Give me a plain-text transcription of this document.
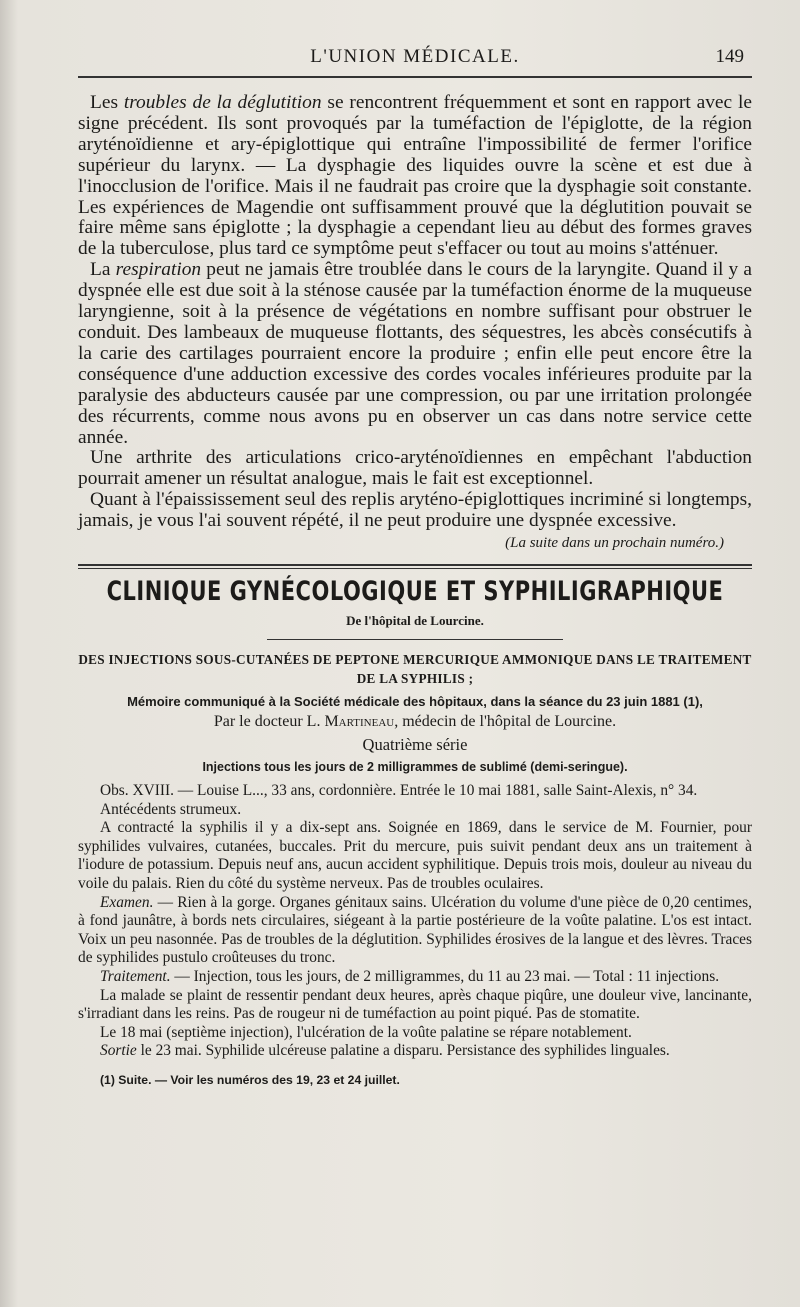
L'UNION MÉDICALE.	149

Les troubles de la déglutition se rencontrent fréquemment et sont en rapport avec le signe précédent. Ils sont provoqués par la tuméfaction de l'épiglotte, de la région aryténoïdienne et ary-épiglottique qui entraîne l'impossibilité de fermer l'orifice supérieur du larynx. — La dysphagie des liquides ouvre la scène et est due à l'inocclusion de l'orifice. Mais il ne faudrait pas croire que la dysphagie soit constante. Les expériences de Magendie ont suffisamment prouvé que la déglutition pouvait se faire même sans épiglotte ; la dysphagie a cependant lieu au début des formes graves de la tuberculose, plus tard ce symptôme peut s'effacer ou tout au moins s'atténuer.

La respiration peut ne jamais être troublée dans le cours de la laryngite. Quand il y a dyspnée elle est due soit à la sténose causée par la tuméfaction énorme de la muqueuse laryngienne, soit à la présence de végétations en nombre suffisant pour obstruer le conduit. Des lambeaux de muqueuse flottants, des séquestres, les abcès consécutifs à la carie des cartilages pourraient encore la produire ; enfin elle peut encore être la conséquence d'une adduction excessive des cordes vocales inférieures produite par la paralysie des abducteurs causée par une compression, ou par une irritation prolongée des récurrents, comme nous avons pu en observer un cas dans notre service cette année.

Une arthrite des articulations crico-aryténoïdiennes en empêchant l'abduction pourrait amener un résultat analogue, mais le fait est exceptionnel.

Quant à l'épaississement seul des replis aryténo-épiglottiques incriminé si longtemps, jamais, je vous l'ai souvent répété, il ne peut produire une dyspnée excessive.

(La suite dans un prochain numéro.)
CLINIQUE GYNÉCOLOGIQUE ET SYPHILIGRAPHIQUE
De l'hôpital de Lourcine.
DES INJECTIONS SOUS-CUTANÉES DE PEPTONE MERCURIQUE AMMONIQUE DANS LE TRAITEMENT DE LA SYPHILIS ;
Mémoire communiqué à la Société médicale des hôpitaux, dans la séance du 23 juin 1881 (1),
Par le docteur L. Martineau, médecin de l'hôpital de Lourcine.
Quatrième série
Injections tous les jours de 2 milligrammes de sublimé (demi-seringue).

Obs. XVIII. — Louise L..., 33 ans, cordonnière. Entrée le 10 mai 1881, salle Saint-Alexis, n° 34.

Antécédents strumeux.

A contracté la syphilis il y a dix-sept ans. Soignée en 1869, dans le service de M. Fournier, pour syphilides vulvaires, cutanées, buccales. Prit du mercure, puis suivit pendant deux ans un traitement à l'iodure de potassium. Depuis neuf ans, aucun accident syphilitique. Depuis trois mois, douleur au niveau du voile du palais. Rien du côté du système nerveux. Pas de troubles oculaires.

Examen. — Rien à la gorge. Organes génitaux sains. Ulcération du volume d'une pièce de 0,20 centimes, à fond jaunâtre, à bords nets circulaires, siégeant à la partie postérieure de la voûte palatine. L'os est intact. Voix un peu nasonnée. Pas de troubles de la déglutition. Syphilides érosives de la langue et des lèvres. Traces de syphilides pustulo croûteuses du tronc.

Traitement. — Injection, tous les jours, de 2 milligrammes, du 11 au 23 mai. — Total : 11 injections.

La malade se plaint de ressentir pendant deux heures, après chaque piqûre, une douleur vive, lancinante, s'irradiant dans les reins. Pas de rougeur ni de tuméfaction au point piqué. Pas de stomatite.

Le 18 mai (septième injection), l'ulcération de la voûte palatine se répare notablement.

Sortie le 23 mai. Syphilide ulcéreuse palatine a disparu. Persistance des syphilides linguales.

(1) Suite. — Voir les numéros des 19, 23 et 24 juillet.
